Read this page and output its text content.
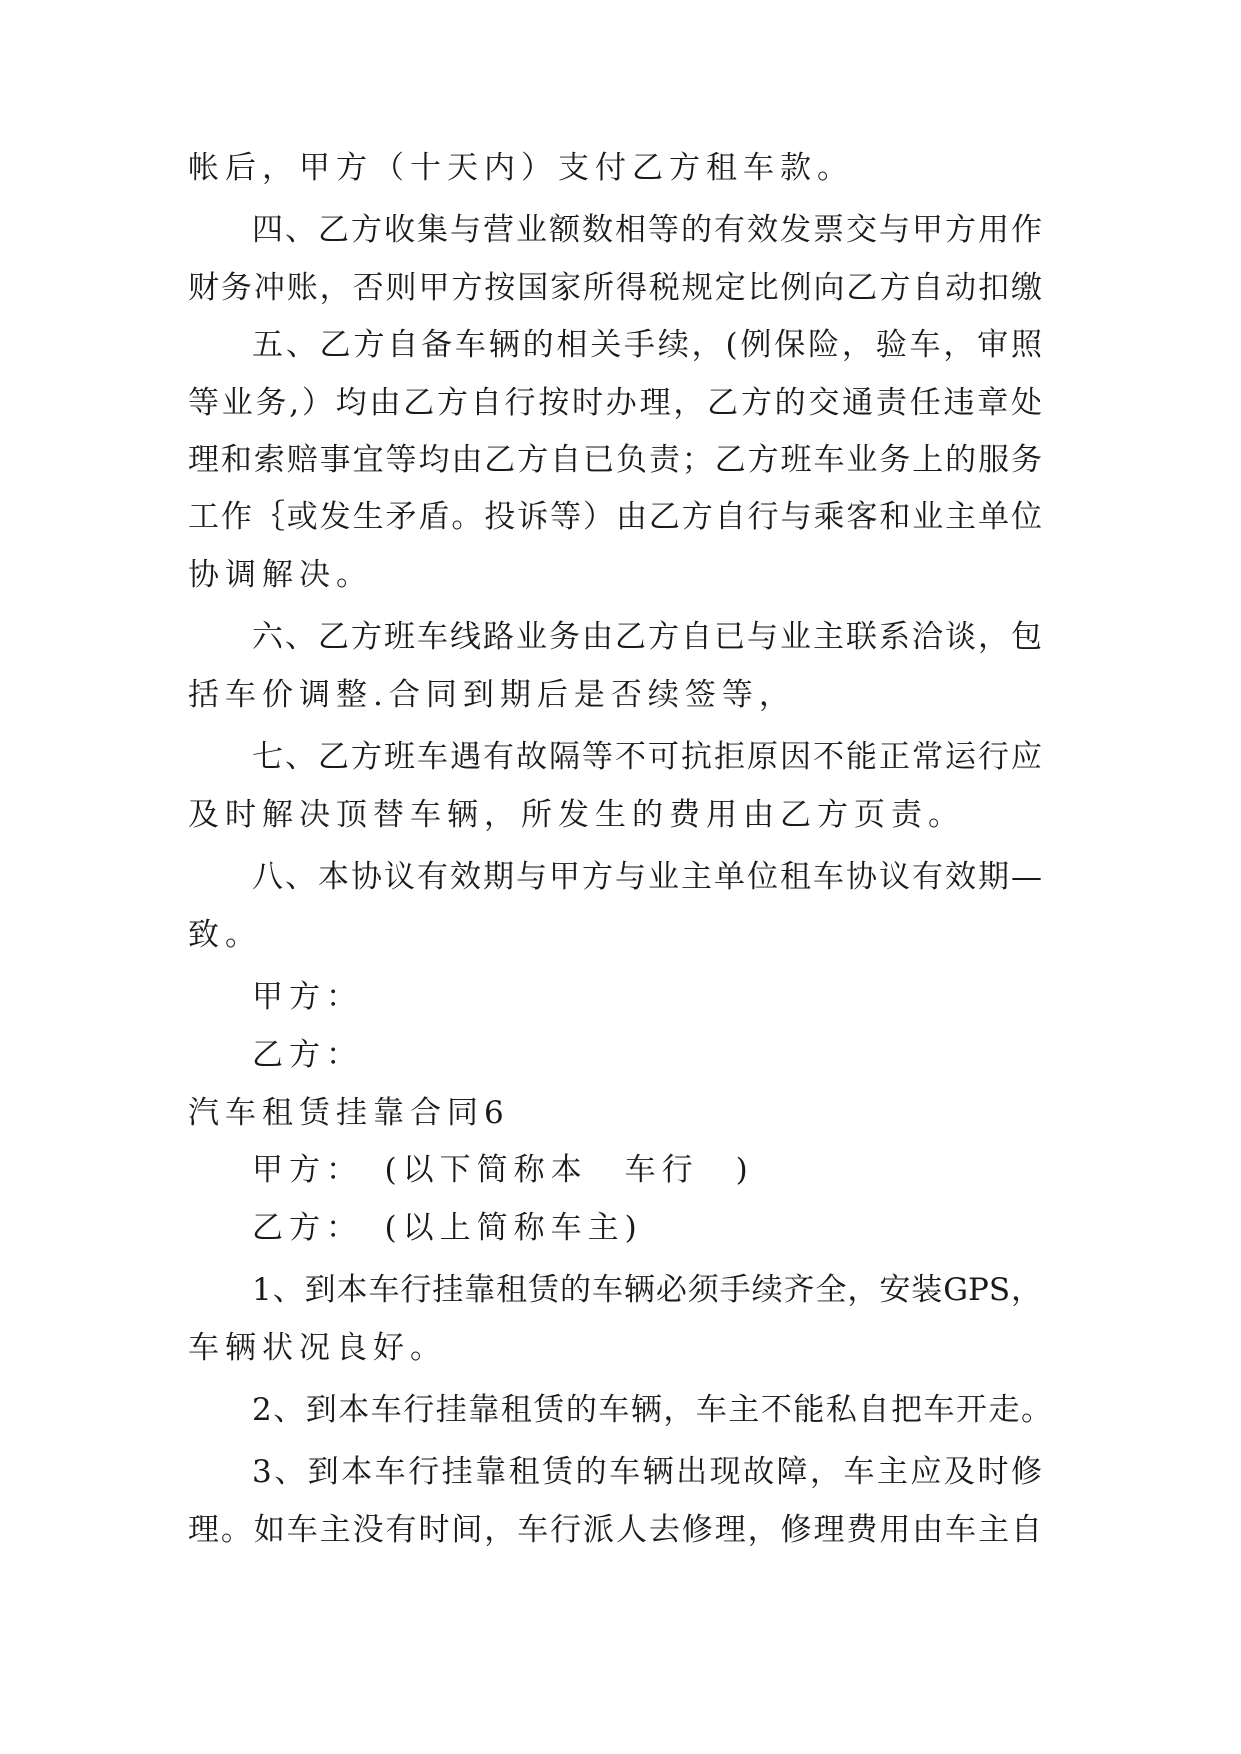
帐后，甲方（十天内）支付乙方租车款。
四、乙方收集与营业额数相等的有效发票交与甲方用作
财务冲账，否则甲方按国家所得税规定比例向乙方自动扣缴
五、乙方自备车辆的相关手续，(例保险，验车，审照
等业务,）均由乙方自行按时办理，乙方的交通责任违章处
理和索赔事宜等均由乙方自已负责；乙方班车业务上的服务
工作｛或发生矛盾。投诉等）由乙方自行与乘客和业主单位
协调解决。
六、乙方班车线路业务由乙方自已与业主联系洽谈，包
括车价调整.合同到期后是否续签等，
七、乙方班车遇有故隔等不可抗拒原因不能正常运行应
及时解决顶替车辆，所发生的费用由乙方页责。
八、本协议有效期与甲方与业主单位租车协议有效期—
致。
甲方：
乙方：
汽车租赁挂靠合同6
甲方：　(以下简称本　车行　)
乙方：　(以上简称车主)
1、到本车行挂靠租赁的车辆必须手续齐全，安装GPS，
车辆状况良好。
2、到本车行挂靠租赁的车辆，车主不能私自把车开走。
3、到本车行挂靠租赁的车辆出现故障，车主应及时修
理。如车主没有时间，车行派人去修理，修理费用由车主自
